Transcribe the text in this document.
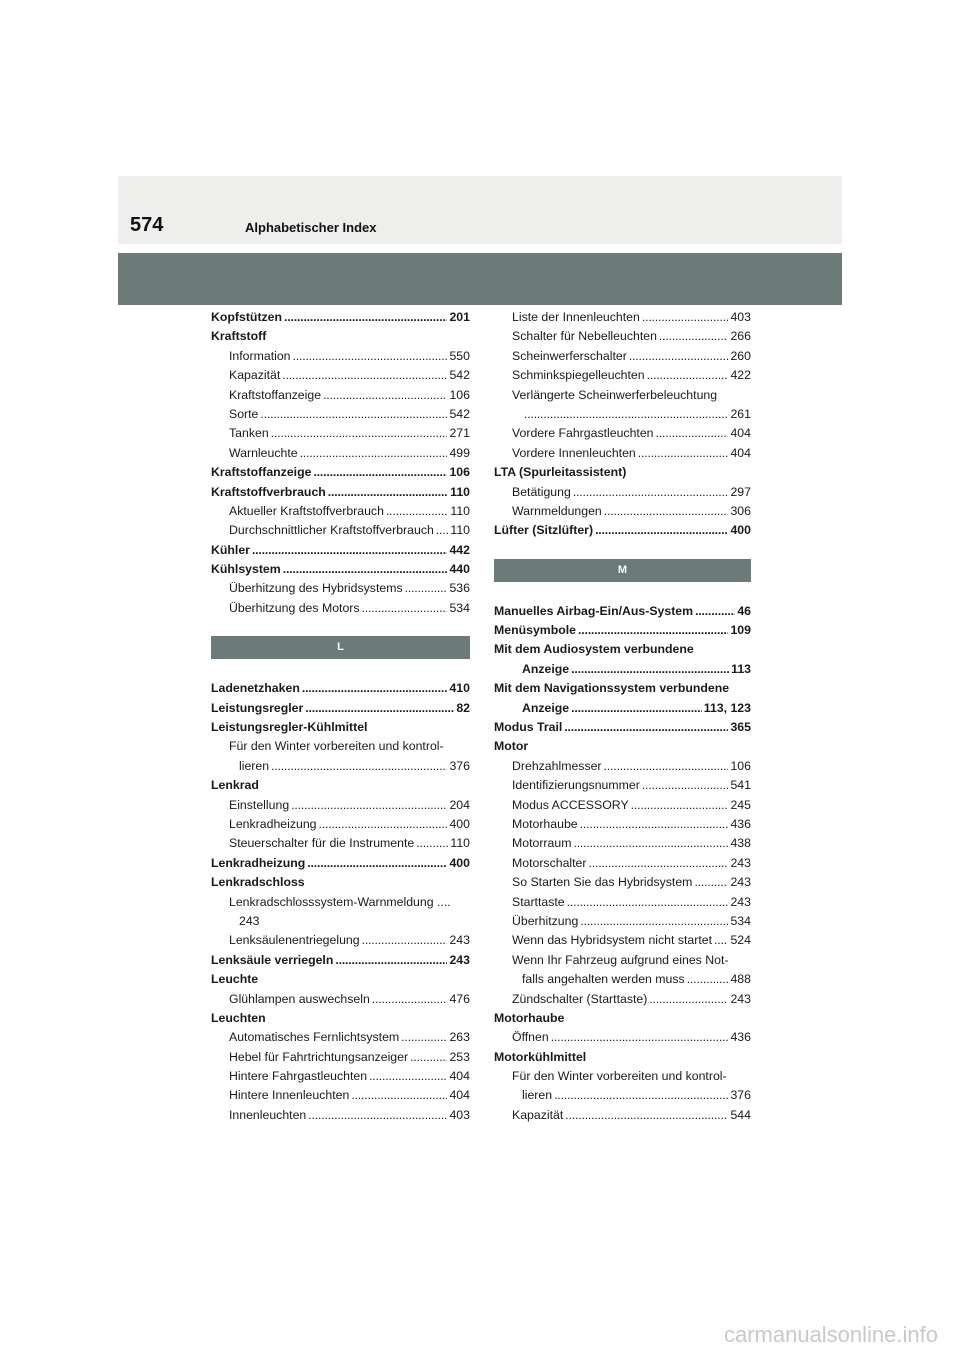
574	Alphabetischer Index
Kopfstützen . . .	201
Kraftstoff
Information . . .	550
Kapazität . . .	542
Kraftstoffanzeige . . .	106
Sorte . . .	542
Tanken . . .	271
Warnleuchte . . .	499
Kraftstoffanzeige . . .	106
Kraftstoffverbrauch . . .	110
Aktueller Kraftstoffverbrauch . . .	110
Durchschnittlicher Kraftstoffverbrauch . . . 110
Kühler . . .	442
Kühlsystem . . .	440
Überhitzung des Hybridsystems . . .	536
Überhitzung des Motors . . .	534
L
Ladenetzhaken . . .	410
Leistungsregler . . .	82
Leistungsregler-Kühlmittel
Für den Winter vorbereiten und kontrol-
lieren . . .	376
Lenkrad
Einstellung . . .	204
Lenkradheizung . . .	400
Steuerschalter für die Instrumente . . .	110
Lenkradheizung . . .	400
Lenkradschloss
Lenkradschlosssystem-Warnmeldung ....
243
Lenksäulenentriegelung . . .	243
Lenksäule verriegeln . . .	243
Leuchte
Glühlampen auswechseln . . .	476
Leuchten
Automatisches Fernlichtsystem . . .	263
Hebel für Fahrtrichtungsanzeiger . . .	253
Hintere Fahrgastleuchten . . .	404
Hintere Innenleuchten . . .	404
Innenleuchten . . .	403
Liste der Innenleuchten . . .	403
Schalter für Nebelleuchten . . .	266
Scheinwerferschalter . . .	260
Schminkspiegelleuchten . . .	422
Verlängerte Scheinwerferbeleuchtung
. . .
261
Vordere Fahrgastleuchten . . .	404
Vordere Innenleuchten . . .	404
LTA (Spurleitassistent)
Betätigung . . .	297
Warnmeldungen . . .	306
Lüfter (Sitzlüfter) . . .	400
M
Manuelles Airbag-Ein/Aus-System . . .	46
Menüsymbole . . .	109
Mit dem Audiosystem verbundene
Anzeige . . .	113
Mit dem Navigationssystem verbundene
Anzeige . . .	113, 123
Modus Trail . . .	365
Motor
Drehzahlmesser . . .	106
Identifizierungsnummer . . .	541
Modus ACCESSORY . . .	245
Motorhaube . . .	436
Motorraum . . .	438
Motorschalter . . .	243
So Starten Sie das Hybridsystem . . .	243
Starttaste . . .	243
Überhitzung . . .	534
Wenn das Hybridsystem nicht startet . . . 524
Wenn Ihr Fahrzeug aufgrund eines Not-
falls angehalten werden muss . . .	488
Zündschalter (Starttaste) . . .	243
Motorhaube
Öffnen . . .	436
Motorkühlmittel
Für den Winter vorbereiten und kontrol-
lieren . . .	376
Kapazität . . .	544
carmanualsonline.info
